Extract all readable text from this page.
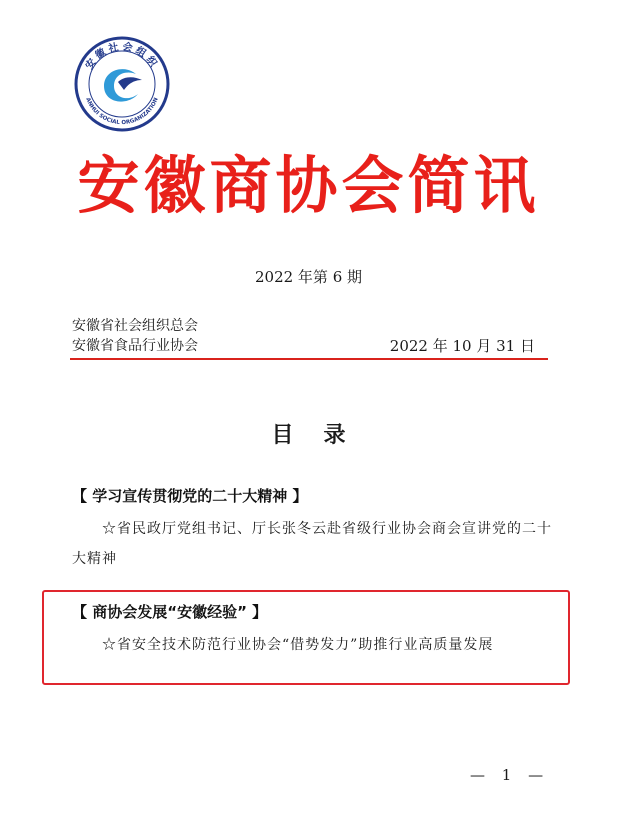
安徽社会组织
ANHUI SOCIAL ORGANIZATION
安徽商协会简讯
2022 年第 6 期
安徽省社会组织总会
安徽省食品行业协会	2022 年 10 月 31 日
目录
【 学习宣传贯彻党的二十大精神 】
☆省民政厅党组书记、厅长张冬云赴省级行业协会商会宣讲党的二十大精神
【 商协会发展“安徽经验” 】
☆省安全技术防范行业协会“借势发力”助推行业高质量发展
— 1 —
